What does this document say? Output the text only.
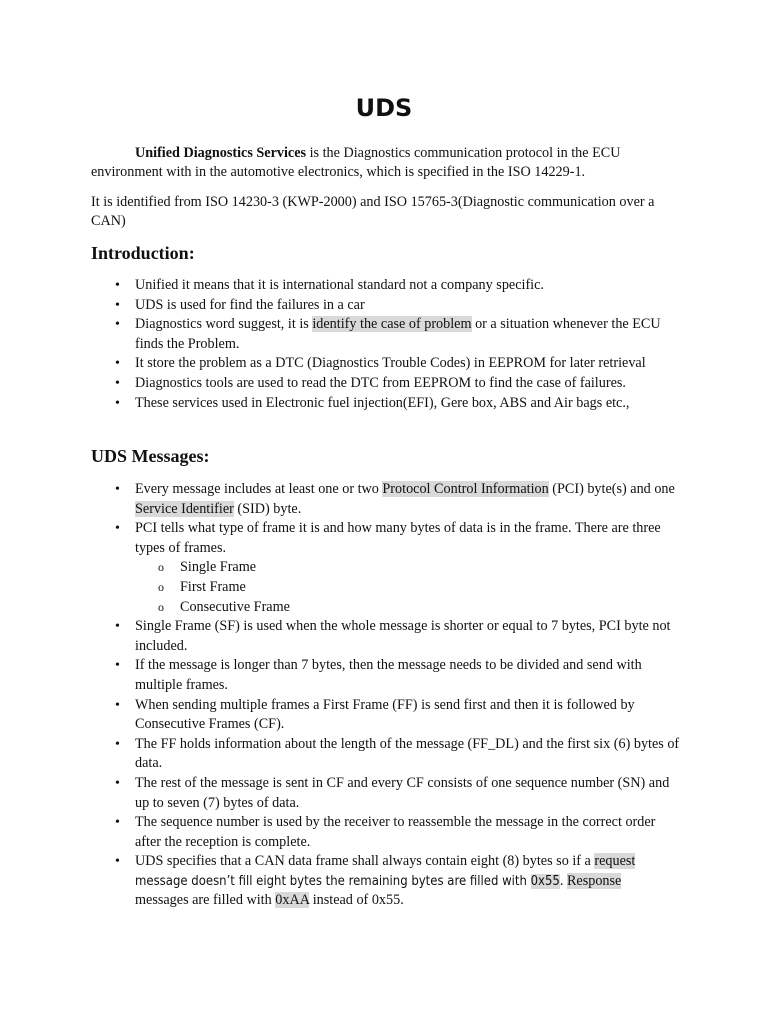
UDS

Unified Diagnostics Services is the Diagnostics communication protocol in the ECU environment with in the automotive electronics, which is specified in the ISO 14229-1.

It is identified from ISO 14230-3 (KWP-2000) and ISO 15765-3(Diagnostic communication over a CAN)

Introduction:
• Unified it means that it is international standard not a company specific.
• UDS is used for find the failures in a car
• Diagnostics word suggest, it is identify the case of problem or a situation whenever the ECU finds the Problem.
• It store the problem as a DTC (Diagnostics Trouble Codes) in EEPROM for later retrieval
• Diagnostics tools are used to read the DTC from EEPROM to find the case of failures.
• These services used in Electronic fuel injection(EFI), Gere box, ABS and Air bags etc.,
UDS Messages:
• Every message includes at least one or two Protocol Control Information (PCI) byte(s) and one Service Identifier (SID) byte.
• PCI tells what type of frame it is and how many bytes of data is in the frame. There are three types of frames.
o Single Frame
o First Frame
o Consecutive Frame
• Single Frame (SF) is used when the whole message is shorter or equal to 7 bytes, PCI byte not included.
• If the message is longer than 7 bytes, then the message needs to be divided and send with multiple frames.
• When sending multiple frames a First Frame (FF) is send first and then it is followed by Consecutive Frames (CF).
• The FF holds information about the length of the message (FF_DL) and the first six (6) bytes of data.
• The rest of the message is sent in CF and every CF consists of one sequence number (SN) and up to seven (7) bytes of data.
• The sequence number is used by the receiver to reassemble the message in the correct order after the reception is complete.
• UDS specifies that a CAN data frame shall always contain eight (8) bytes so if a request
message doesn’t fill eight bytes the remaining bytes are filled with 0x55. Response
messages are filled with 0xAA instead of 0x55.
